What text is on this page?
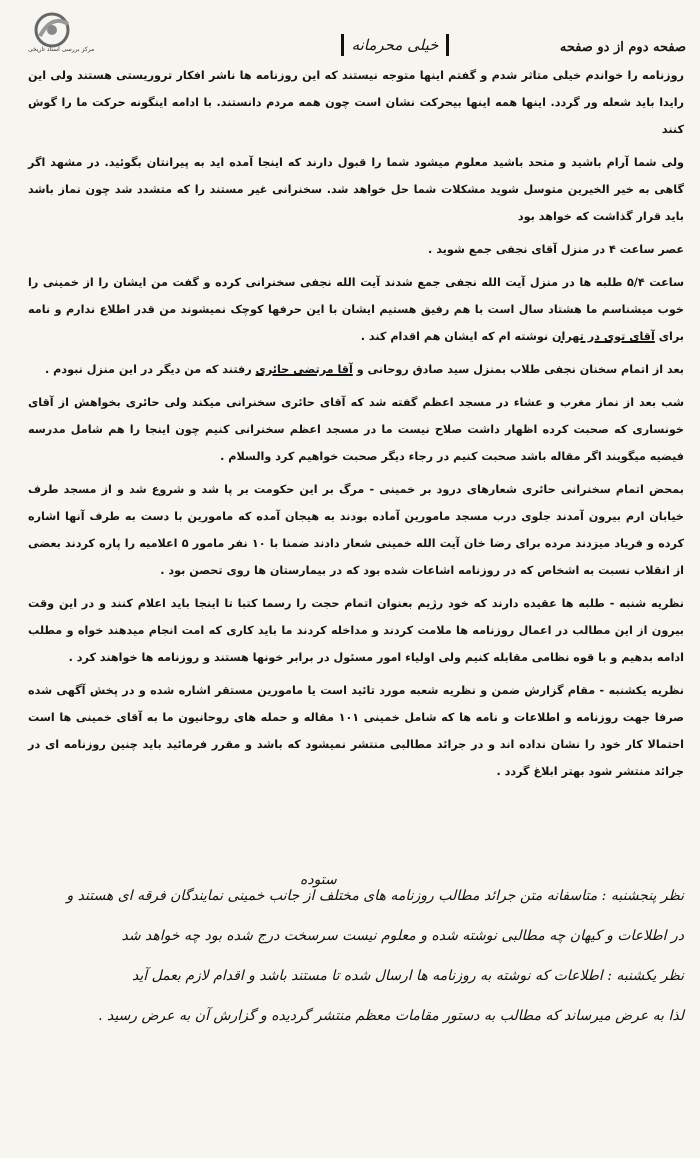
مرکز بررسی اسناد تاریخی	خیلی محرمانه	صفحه دوم از دو صفحه

روزنامه را خواندم خیلی متاثر شدم و گفتم اینها متوجه نیستند که این روزنامه ها ناشر افکار تروریستی هستند ولی این رایدا باید شعله ور گردد. اینها همه اینها بیحرکت نشان است چون همه مردم دانستند. با ادامه اینگونه حرکت ما را گوش کنند

ولی شما آرام باشید و متحد باشید معلوم میشود شما را قبول دارند که اینجا آمده اید به پیرانتان بگوئید. در مشهد اگر گاهی به خیر الخیرین متوسل شوید مشکلات شما حل خواهد شد. سخنرانی غیر مستند را که متشدد شد چون نماز باشد باید قرار گذاشت که خواهد بود

عصر ساعت ۴ در منزل آقای نجفی جمع شوید .

ساعت ۵/۴ طلبه ها در منزل آیت الله نجفی جمع شدند آیت الله نجفی سخنرانی کرده و گفت من ایشان را از خمینی را خوب میشناسم ما هشتاد سال است با هم رفیق هستیم ایشان با این حرفها کوچک نمیشوند من قدر اطلاع ندارم و نامه برای آقای توی در تهران نوشته ام که ایشان هم اقدام کند .

بعد از اتمام سخنان نجفی طلاب بمنزل سید صادق روحانی و آقا مرتضی حائری رفتند که من دیگر در این منزل نبودم .

شب بعد از نماز مغرب و عشاء در مسجد اعظم گفته شد که آقای حائری سخنرانی میکند ولی حائری بخواهش از آقای خونساری که صحبت کرده اظهار داشت صلاح نیست ما در مسجد اعظم سخنرانی کنیم چون اینجا را هم شامل مدرسه فیضیه میگویند اگر مقاله باشد صحبت کنیم در رجاء دیگر صحبت خواهیم کرد والسلام .

بمحض اتمام سخنرانی حائری شعارهای درود بر خمینی - مرگ بر این حکومت بر پا شد و شروع شد و از مسجد طرف خیابان ارم بیرون آمدند جلوی درب مسجد مامورین آماده بودند به هیجان آمده که مامورین با دست به طرف آنها اشاره کرده و فریاد میزدند مرده برای رضا خان آیت الله خمینی شعار دادند ضمنا با ۱۰ نفر مامور ۵ اعلامیه را پاره کردند بعضی از انقلاب نسبت به اشخاص که در روزنامه اشاعات شده بود که در بیمارستان ها روی تحصن بود .

نظریه شنبه - طلبه ها عقیده دارند که خود رژیم بعنوان اتمام حجت را رسما کتبا تا اینجا باید اعلام کنند و در این وقت بیرون از این مطالب در اعمال روزنامه ها ملامت کردند و مداخله کردند ما باید کاری که امت انجام میدهند خواه و مطلب ادامه بدهیم و با قوه نظامی مقابله کنیم ولی اولیاء امور مسئول در برابر خونها هستند و روزنامه ها خواهند کرد .

نظریه یکشنبه - مقام گزارش ضمن و نظریه شعبه مورد تائید است یا مامورین مستقر اشاره شده و در پخش آگهی شده صرفا جهت روزنامه و اطلاعات و نامه ها که شامل خمینی ۱۰۱ مقاله و حمله های روحانیون ما به آقای خمینی ها است احتمالا کار خود را نشان نداده اند و در جرائد مطالبی منتشر نمیشود که باشد و مقرر فرمائید باید چنین روزنامه ای در جرائد منتشر شود بهتر ابلاغ گردد .

نظر پنجشنبه : متاسفانه متن جرائد مطالب روزنامه های مختلف از جانب خمینی نمایندگان فرقه ای هستند و

در اطلاعات و کیهان چه مطالبی نوشته شده و معلوم نیست سرسخت درج شده بود چه خواهد شد

نظر یکشنبه : اطلاعات که نوشته به روزنامه ها ارسال شده تا مستند باشد و اقدام لازم بعمل آید

لذا به عرض میرساند که مطالب به دستور مقامات معظم منتشر گردیده و گزارش آن به عرض رسید .

ستوده
